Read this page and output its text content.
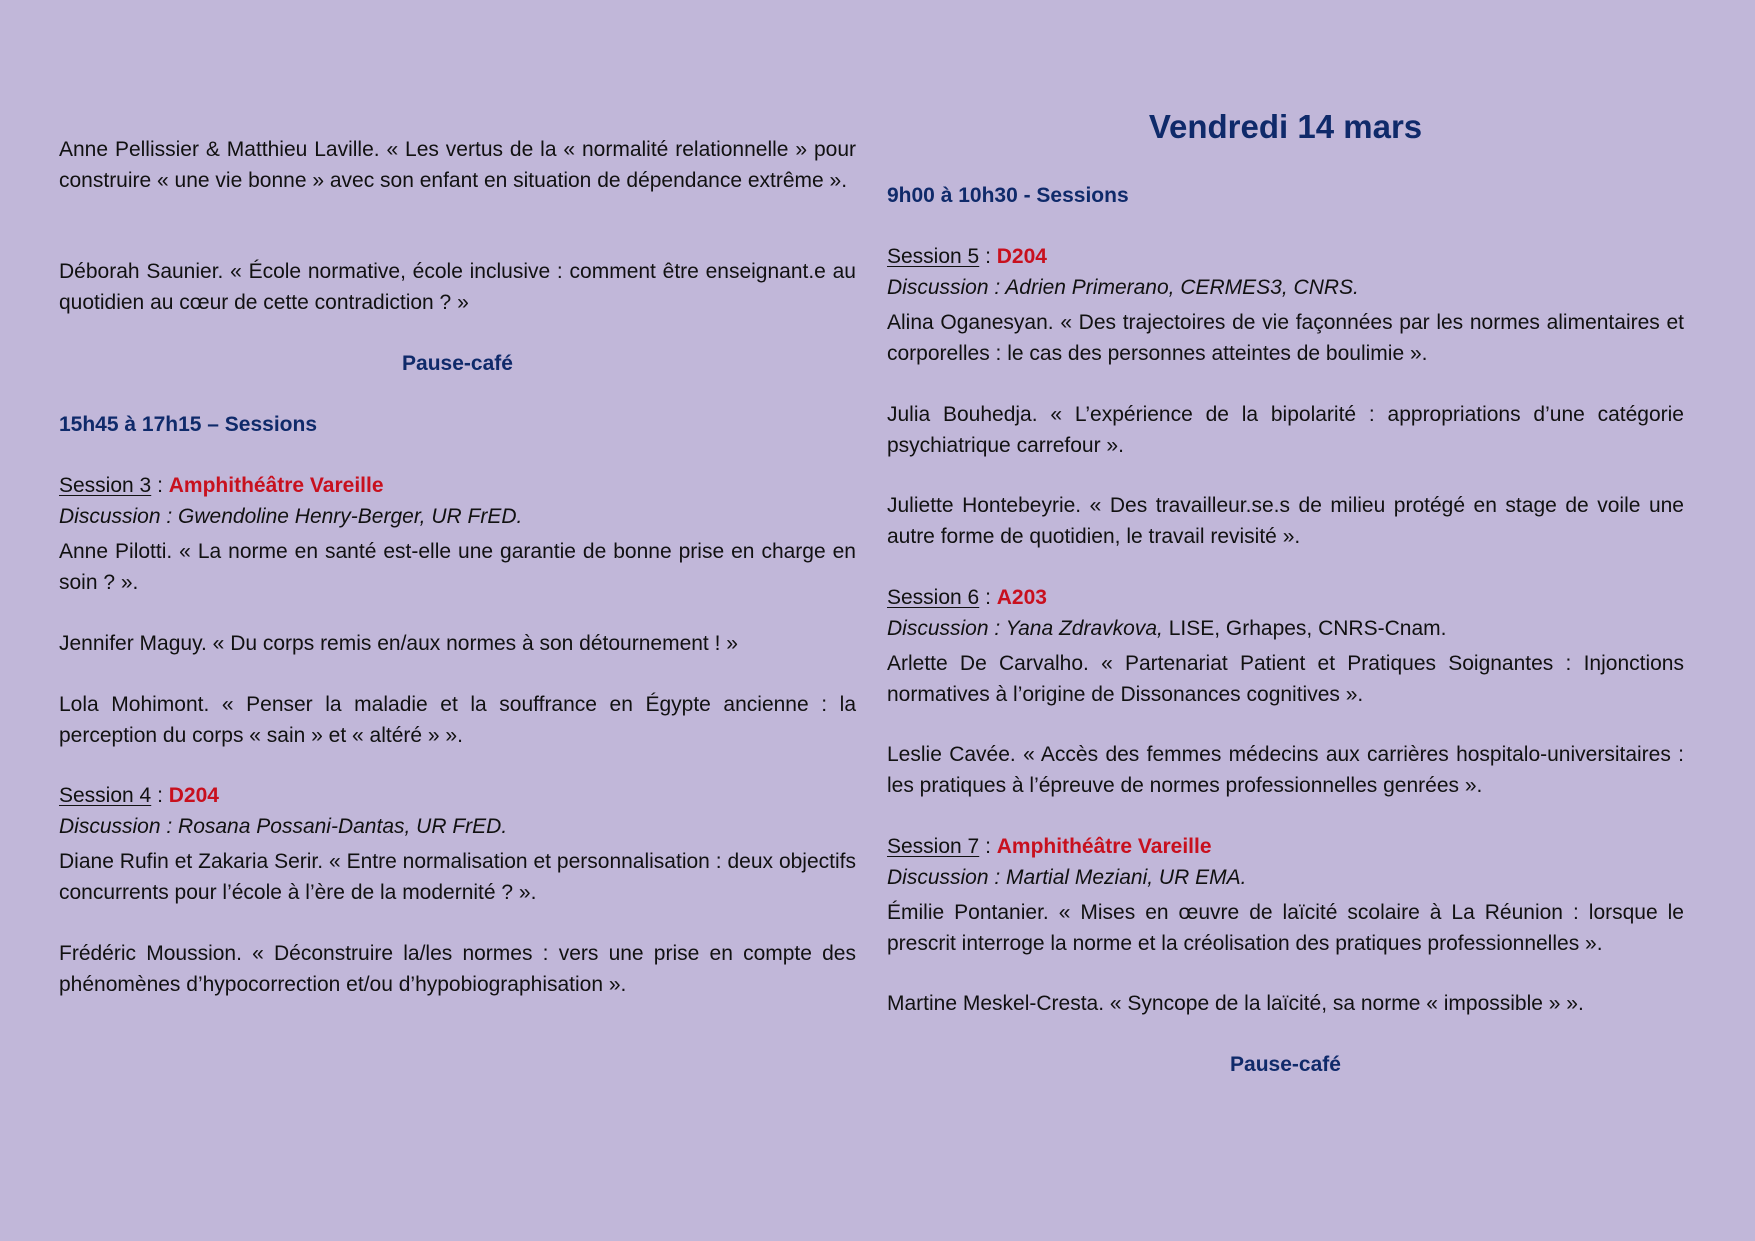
Anne Pellissier & Matthieu Laville. « Les vertus de la « normalité relationnelle » pour construire « une vie bonne » avec son enfant en situation de dépendance extrême ».

Déborah Saunier. « École normative, école inclusive : comment être enseignant.e au quotidien au cœur de cette contradiction ? »

Pause-café
15h45 à 17h15 – Sessions
Session 3 : Amphithéâtre Vareille

Discussion : Gwendoline Henry-Berger, UR FrED.

Anne Pilotti. « La norme en santé est-elle une garantie de bonne prise en charge en soin ? ».

Jennifer Maguy. « Du corps remis en/aux normes à son détournement ! »

Lola Mohimont. « Penser la maladie et la souffrance en Égypte ancienne : la perception du corps « sain » et « altéré » ».

Session 4 : D204

Discussion : Rosana Possani-Dantas, UR FrED.

Diane Rufin et Zakaria Serir. « Entre normalisation et personnalisation : deux objectifs concurrents pour l’école à l’ère de la modernité ? ».

Frédéric Moussion. « Déconstruire la/les normes : vers une prise en compte des phénomènes d’hypocorrection et/ou d’hypobiographisation ».

Vendredi 14 mars
9h00 à 10h30 - Sessions
Session 5 : D204

Discussion : Adrien Primerano, CERMES3, CNRS.

Alina Oganesyan. « Des trajectoires de vie façonnées par les normes alimentaires et corporelles : le cas des personnes atteintes de boulimie ».

Julia Bouhedja. « L’expérience de la bipolarité : appropriations d’une catégorie psychiatrique carrefour ».

Juliette Hontebeyrie. « Des travailleur.se.s de milieu protégé en stage de voile une autre forme de quotidien, le travail revisité ».

Session 6 : A203

Discussion : Yana Zdravkova, LISE, Grhapes, CNRS-Cnam.

Arlette De Carvalho. « Partenariat Patient et Pratiques Soignantes : Injonctions normatives à l’origine de Dissonances cognitives ».

Leslie Cavée. « Accès des femmes médecins aux carrières hospitalo-universitaires : les pratiques à l’épreuve de normes professionnelles genrées ».

Session 7 : Amphithéâtre Vareille

Discussion : Martial Meziani, UR EMA.

Émilie Pontanier. « Mises en œuvre de laïcité scolaire à La Réunion : lorsque le prescrit interroge la norme et la créolisation des pratiques professionnelles ».

Martine Meskel-Cresta. « Syncope de la laïcité, sa norme « impossible » ».

Pause-café
